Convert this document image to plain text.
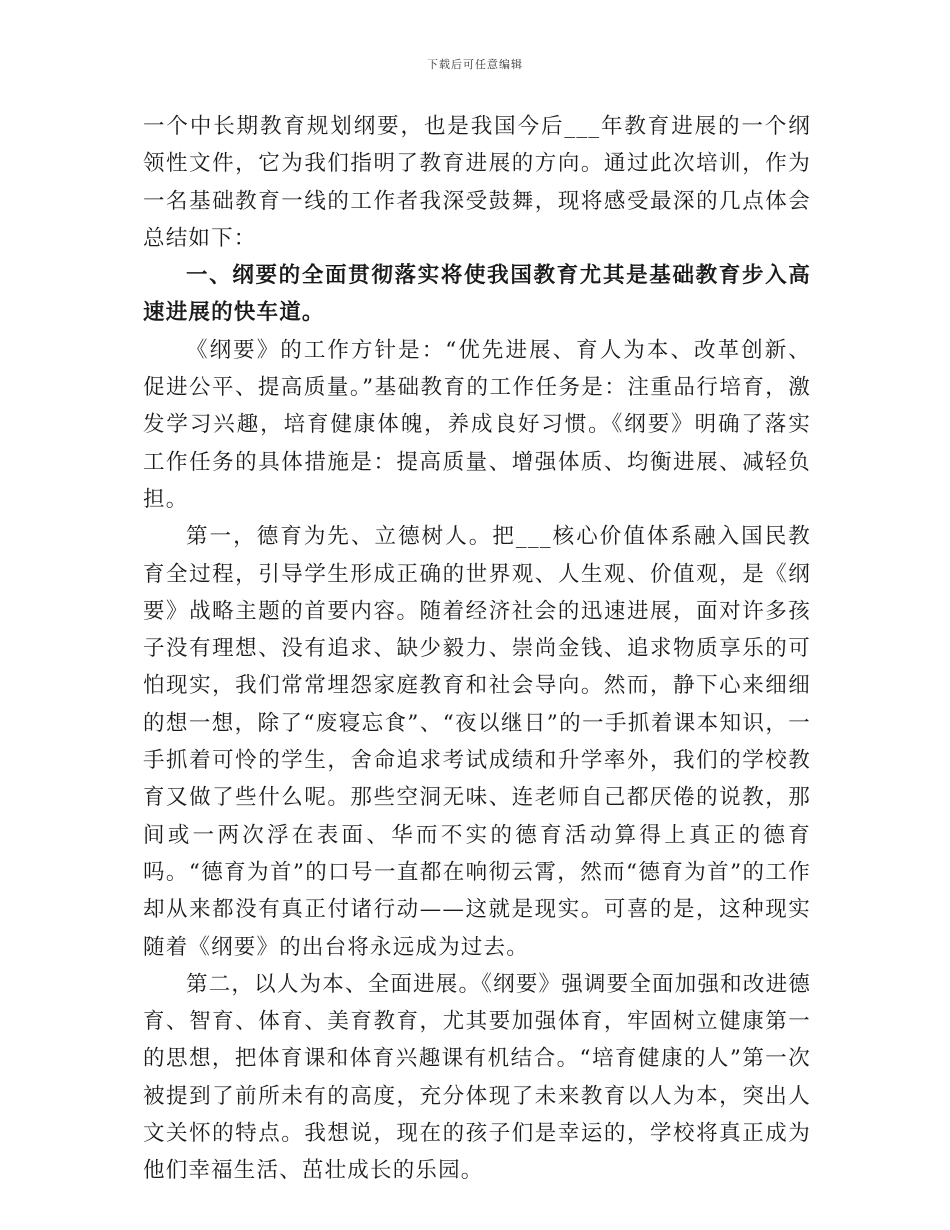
下载后可任意编辑

一个中长期教育规划纲要，也是我国今后___年教育进展的一个纲领性文件，它为我们指明了教育进展的方向。通过此次培训，作为一名基础教育一线的工作者我深受鼓舞，现将感受最深的几点体会总结如下：

一、纲要的全面贯彻落实将使我国教育尤其是基础教育步入高速进展的快车道。

《纲要》的工作方针是：“优先进展、育人为本、改革创新、促进公平、提高质量。”基础教育的工作任务是：注重品行培育，激发学习兴趣，培育健康体魄，养成良好习惯。《纲要》明确了落实工作任务的具体措施是：提高质量、增强体质、均衡进展、减轻负担。

第一，德育为先、立德树人。把___核心价值体系融入国民教育全过程，引导学生形成正确的世界观、人生观、价值观，是《纲要》战略主题的首要内容。随着经济社会的迅速进展，面对许多孩子没有理想、没有追求、缺少毅力、崇尚金钱、追求物质享乐的可怕现实，我们常常埋怨家庭教育和社会导向。然而，静下心来细细的想一想，除了“废寝忘食”、“夜以继日”的一手抓着课本知识，一手抓着可怜的学生，舍命追求考试成绩和升学率外，我们的学校教育又做了些什么呢。那些空洞无味、连老师自己都厌倦的说教，那间或一两次浮在表面、华而不实的德育活动算得上真正的德育吗。“德育为首”的口号一直都在响彻云霄，然而“德育为首”的工作却从来都没有真正付诸行动——这就是现实。可喜的是，这种现实随着《纲要》的出台将永远成为过去。

第二，以人为本、全面进展。《纲要》强调要全面加强和改进德育、智育、体育、美育教育，尤其要加强体育，牢固树立健康第一的思想，把体育课和体育兴趣课有机结合。“培育健康的人”第一次被提到了前所未有的高度，充分体现了未来教育以人为本，突出人文关怀的特点。我想说，现在的孩子们是幸运的，学校将真正成为他们幸福生活、茁壮成长的乐园。
